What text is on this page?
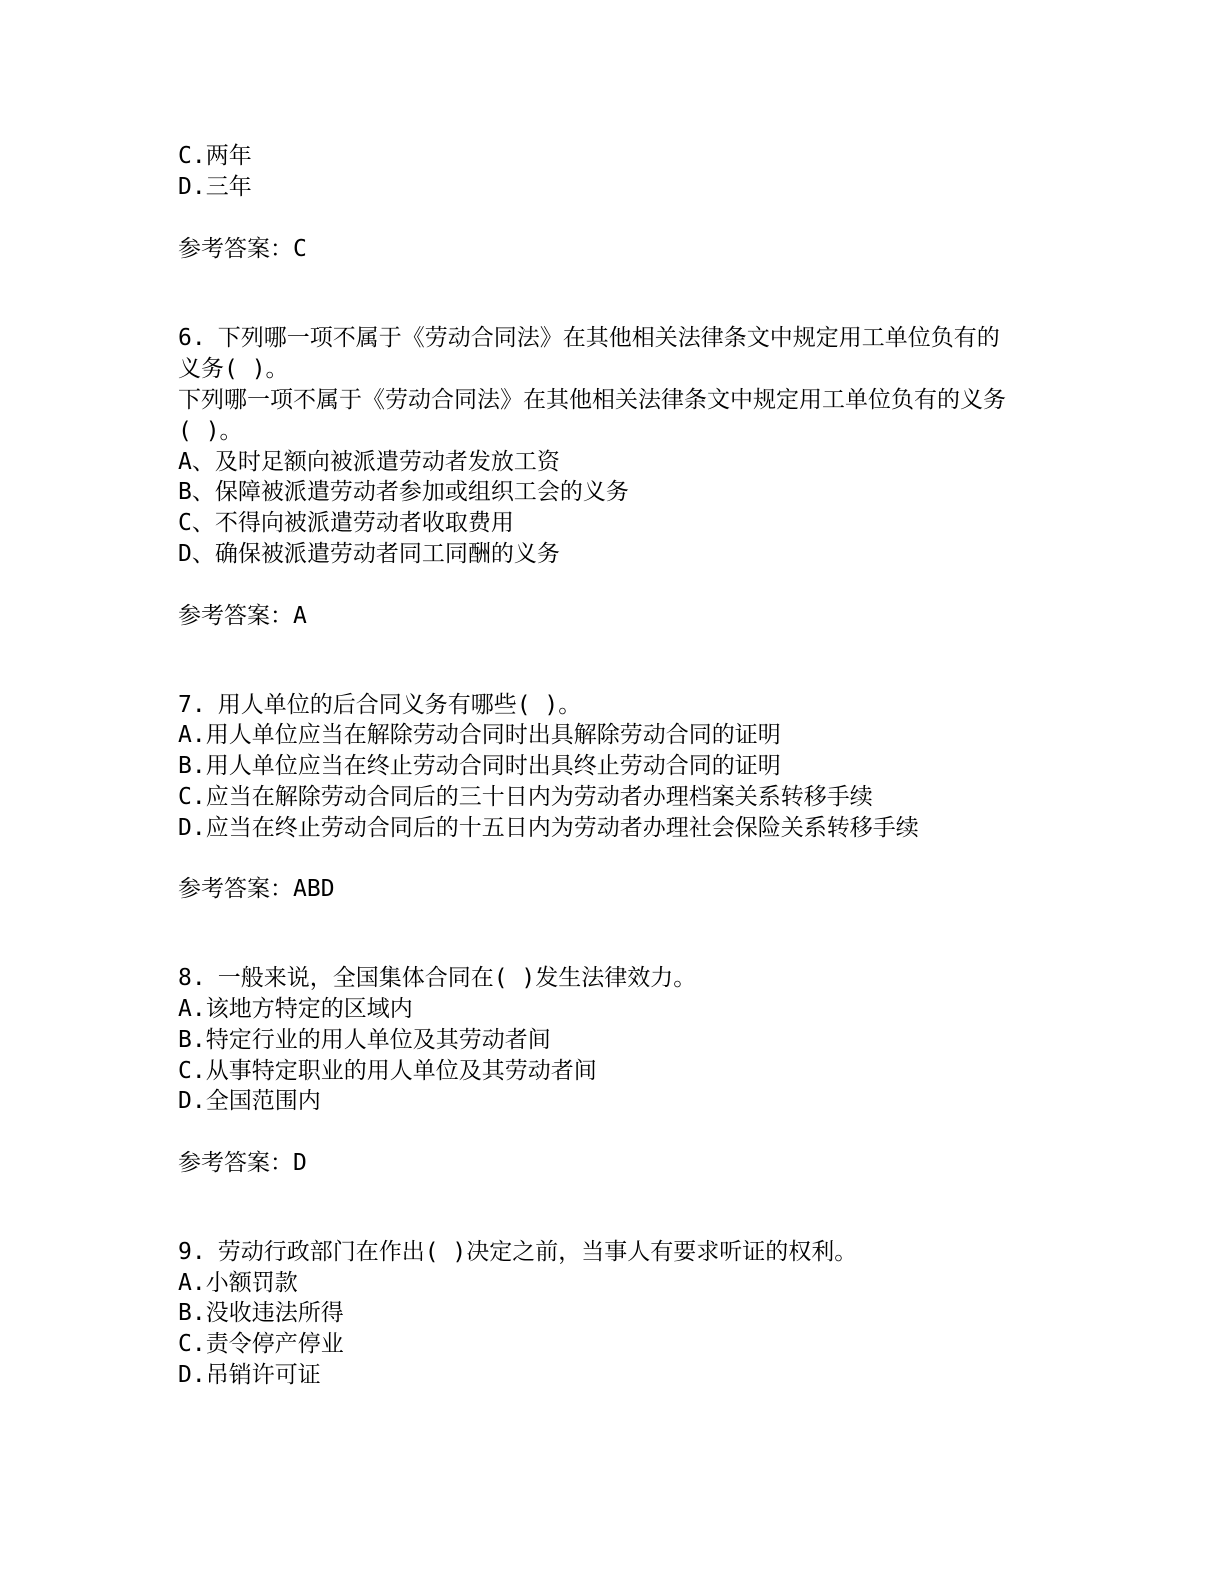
C.两年
D.三年
参考答案：C
6. 下列哪一项不属于《劳动合同法》在其他相关法律条文中规定用工单位负有的
义务( )。
下列哪一项不属于《劳动合同法》在其他相关法律条文中规定用工单位负有的义务
( )。
A、及时足额向被派遣劳动者发放工资
B、保障被派遣劳动者参加或组织工会的义务
C、不得向被派遣劳动者收取费用
D、确保被派遣劳动者同工同酬的义务
参考答案：A
7. 用人单位的后合同义务有哪些( )。
A.用人单位应当在解除劳动合同时出具解除劳动合同的证明
B.用人单位应当在终止劳动合同时出具终止劳动合同的证明
C.应当在解除劳动合同后的三十日内为劳动者办理档案关系转移手续
D.应当在终止劳动合同后的十五日内为劳动者办理社会保险关系转移手续
参考答案：ABD
8. 一般来说，全国集体合同在( )发生法律效力。
A.该地方特定的区域内
B.特定行业的用人单位及其劳动者间
C.从事特定职业的用人单位及其劳动者间
D.全国范围内
参考答案：D
9. 劳动行政部门在作出( )决定之前，当事人有要求听证的权利。
A.小额罚款
B.没收违法所得
C.责令停产停业
D.吊销许可证
